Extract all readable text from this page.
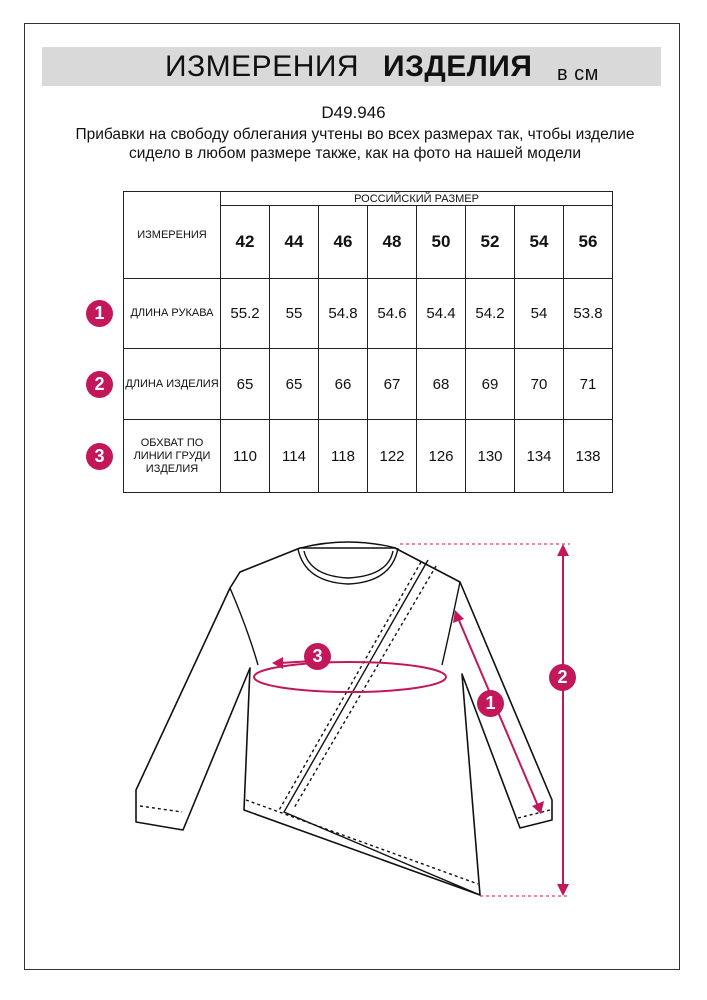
ИЗМЕРЕНИЯ ИЗДЕЛИЯ в см
D49.946
Прибавки на свободу облегания учтены во всех размерах так, чтобы изделие сидело в любом размере также, как на фото на нашей модели
ИЗМЕРЕНИЯ	РОССИЙСКИЙ РАЗМЕР							
	42	44	46	48	50	52	54	56
ДЛИНА РУКАВА	55.2	55	54.8	54.6	54.4	54.2	54	53.8
ДЛИНА ИЗДЕЛИЯ	65	65	66	67	68	69	70	71
ОБХВАТ ПО ЛИНИИ ГРУДИ ИЗДЕЛИЯ	110	114	118	122	126	130	134	138
1
2
3
3
1
2
